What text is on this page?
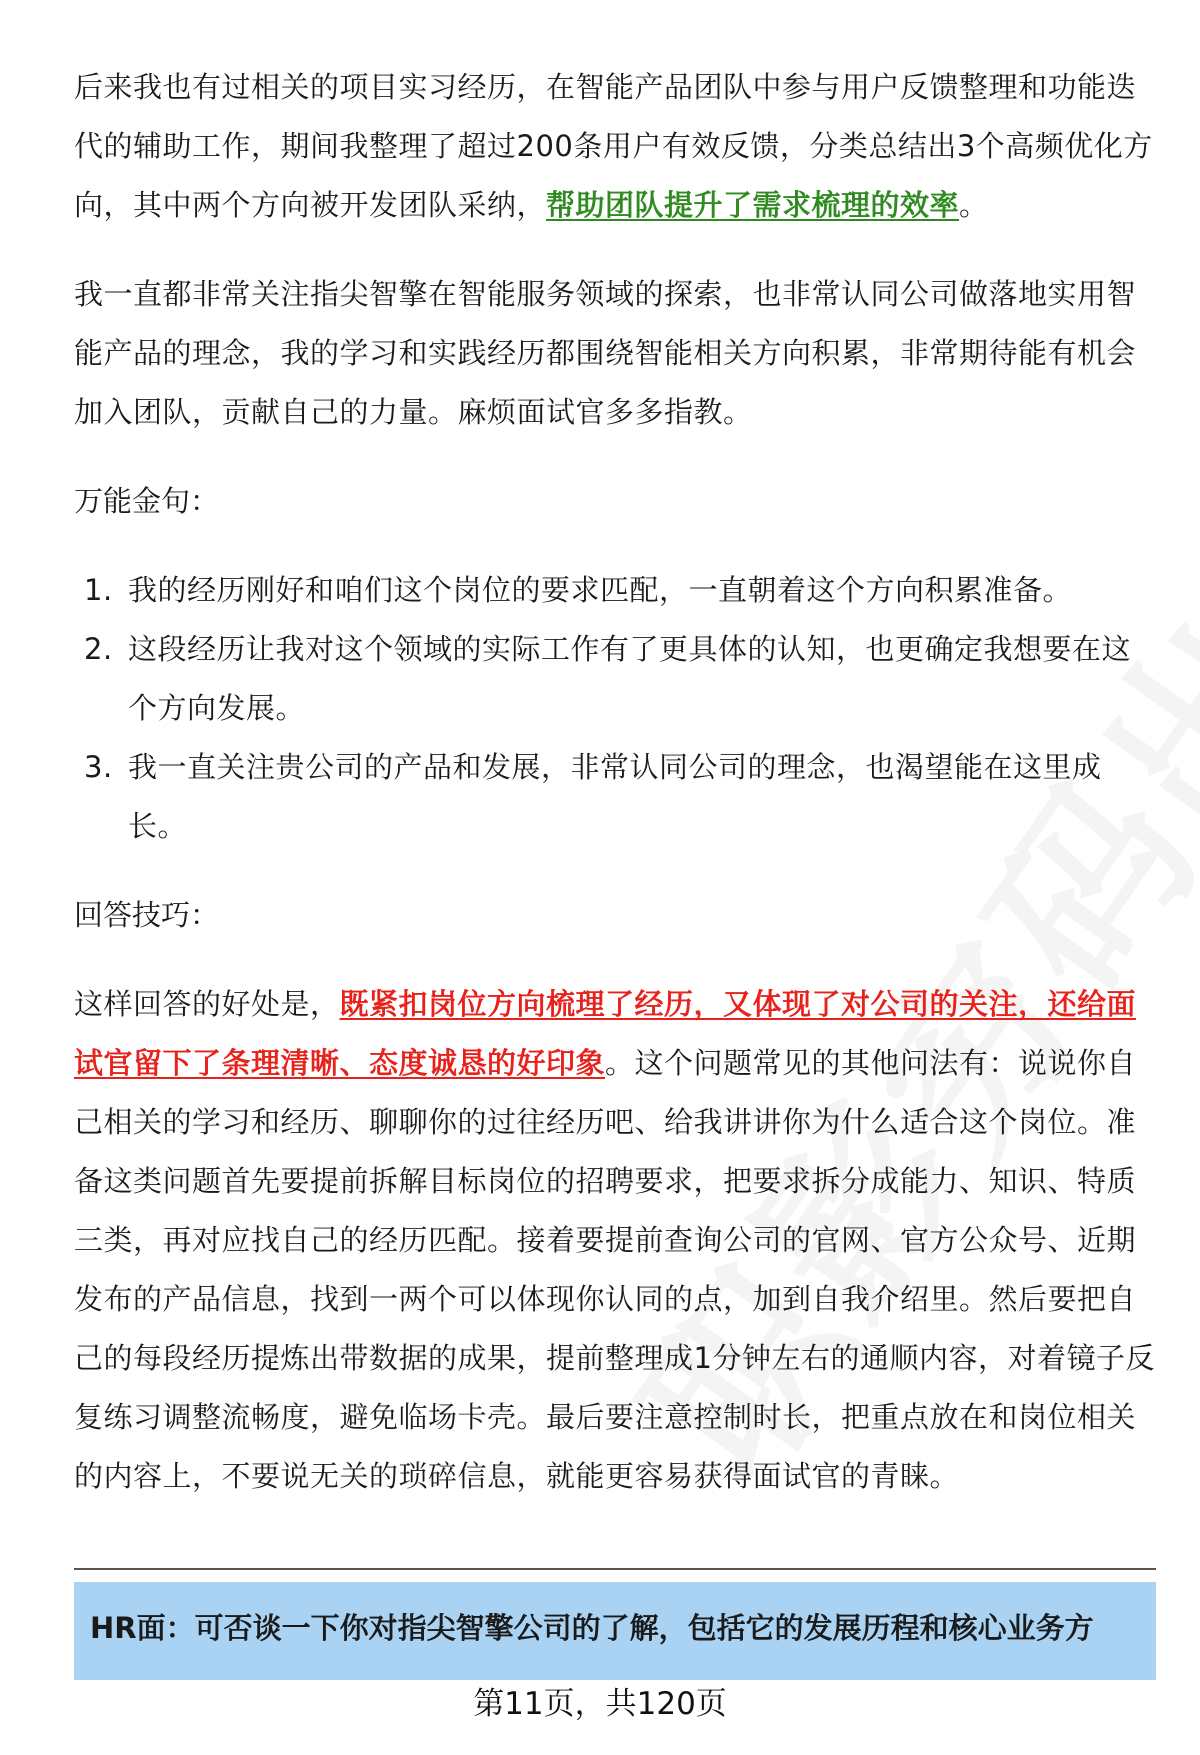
后来我也有过相关的项目实习经历，在智能产品团队中参与用户反馈整理和功能迭代的辅助工作，期间我整理了超过200条用户有效反馈，分类总结出3个高频优化方向，其中两个方向被开发团队采纳，帮助团队提升了需求梳理的效率。

我一直都非常关注指尖智擎在智能服务领域的探索，也非常认同公司做落地实用智能产品的理念，我的学习和实践经历都围绕智能相关方向积累，非常期待能有机会加入团队，贡献自己的力量。麻烦面试官多多指教。

万能金句：

1. 我的经历刚好和咱们这个岗位的要求匹配，一直朝着这个方向积累准备。
2. 这段经历让我对这个领域的实际工作有了更具体的认知，也更确定我想要在这个方向发展。
3. 我一直关注贵公司的产品和发展，非常认同公司的理念，也渴望能在这里成长。

回答技巧：

这样回答的好处是，既紧扣岗位方向梳理了经历，又体现了对公司的关注，还给面试官留下了条理清晰、态度诚恳的好印象。这个问题常见的其他问法有：说说你自己相关的学习和经历、聊聊你的过往经历吧、给我讲讲你为什么适合这个岗位。准备这类问题首先要提前拆解目标岗位的招聘要求，把要求拆分成能力、知识、特质三类，再对应找自己的经历匹配。接着要提前查询公司的官网、官方公众号、近期发布的产品信息，找到一两个可以体现你认同的点，加到自我介绍里。然后要把自己的每段经历提炼出带数据的成果，提前整理成1分钟左右的通顺内容，对着镜子反复练习调整流畅度，避免临场卡壳。最后要注意控制时长，把重点放在和岗位相关的内容上，不要说无关的琐碎信息，就能更容易获得面试官的青睐。

HR面：可否谈一下你对指尖智擎公司的了解，包括它的发展历程和核心业务方
第11页，共120页
